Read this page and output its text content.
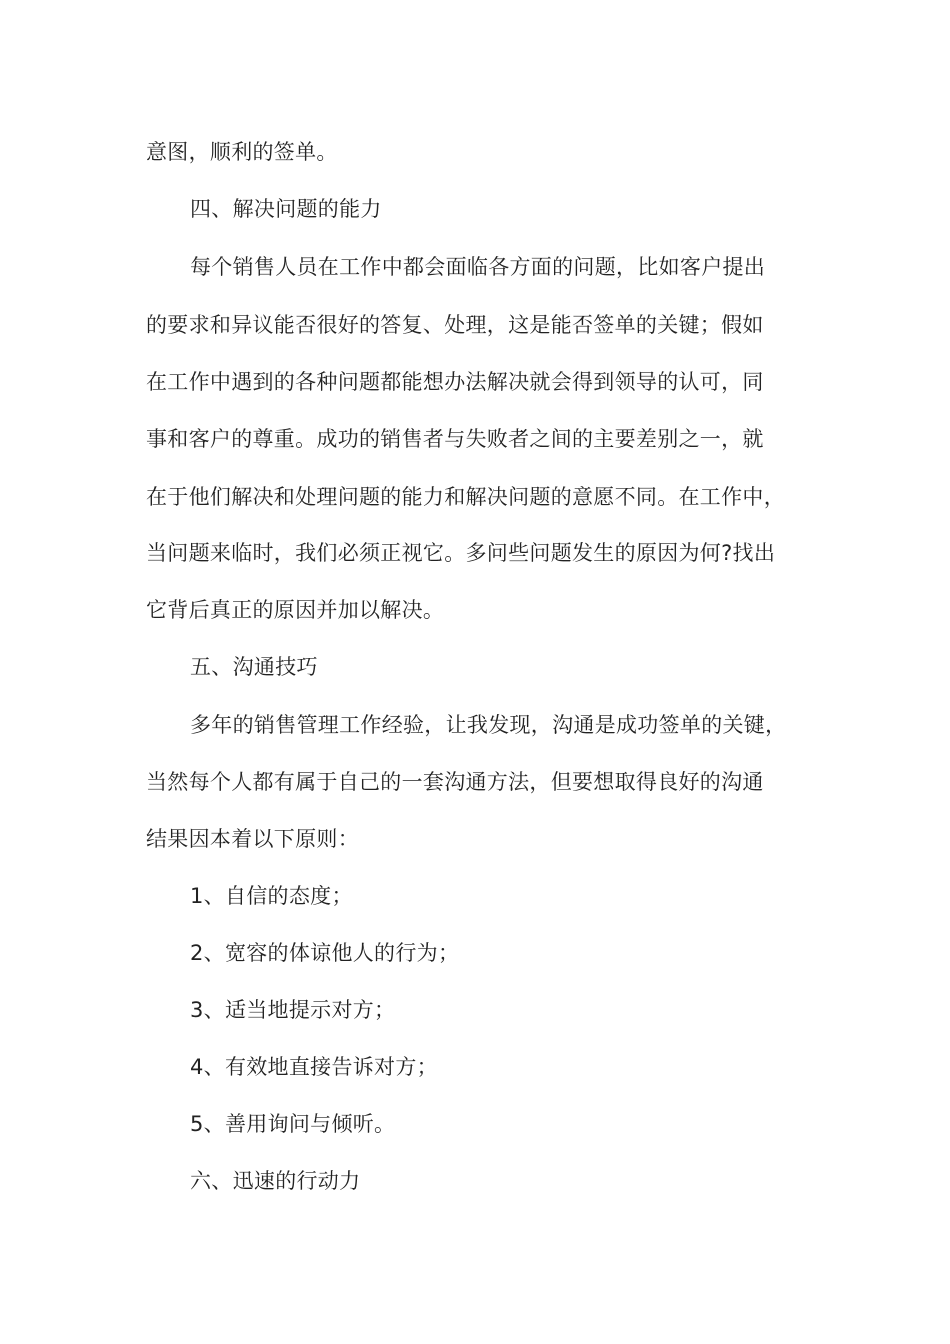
意图，顺利的签单。
四、解决问题的能力
每个销售人员在工作中都会面临各方面的问题，比如客户提出
的要求和异议能否很好的答复、处理，这是能否签单的关键；假如
在工作中遇到的各种问题都能想办法解决就会得到领导的认可，同
事和客户的尊重。成功的销售者与失败者之间的主要差别之一，就
在于他们解决和处理问题的能力和解决问题的意愿不同。在工作中，
当问题来临时，我们必须正视它。多问些问题发生的原因为何?找出
它背后真正的原因并加以解决。
五、沟通技巧
多年的销售管理工作经验，让我发现，沟通是成功签单的关键，
当然每个人都有属于自己的一套沟通方法，但要想取得良好的沟通
结果因本着以下原则：
1、自信的态度；
2、宽容的体谅他人的行为；
3、适当地提示对方；
4、有效地直接告诉对方；
5、善用询问与倾听。
六、迅速的行动力
